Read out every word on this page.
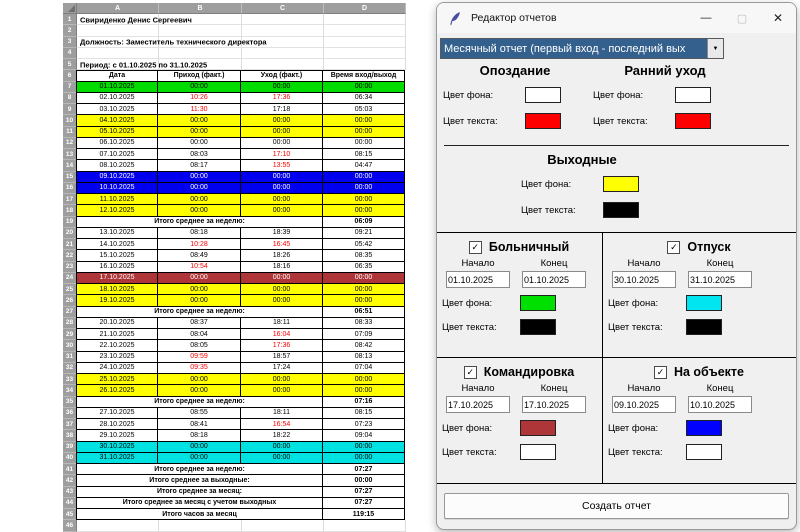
A	B	C	D
1	Свириденко Денис Сергеевич
2
3	Должность: Заместитель технического директора
4
5	Период: с 01.10.2025 по 31.10.2025
6	Дата	Приход (факт.)	Уход (факт.)	Время вход/выход
7	01.10.2025	00:00	00:00	00:00
8	02.10.2025	10:26	17:36	06:34
9	03.10.2025	11:30	17:18	05:03
10	04.10.2025	00:00	00:00	00:00
11	05.10.2025	00:00	00:00	00:00
12	06.10.2025	00:00	00:00	00:00
13	07.10.2025	08:03	17:10	08:15
14	08.10.2025	08:17	13:55	04:47
15	09.10.2025	00:00	00:00	00:00
16	10.10.2025	00:00	00:00	00:00
17	11.10.2025	00:00	00:00	00:00
18	12.10.2025	00:00	00:00	00:00
19	Итого среднее за неделю:	06:09
20	13.10.2025	08:18	18:39	09:21
21	14.10.2025	10:28	16:45	05:42
22	15.10.2025	08:49	18:26	08:35
23	16.10.2025	10:54	18:16	06:35
24	17.10.2025	00:00	00:00	00:00
25	18.10.2025	00:00	00:00	00:00
26	19.10.2025	00:00	00:00	00:00
27	Итого среднее за неделю:	06:51
28	20.10.2025	08:37	18:11	08:33
29	21.10.2025	08:04	16:04	07:09
30	22.10.2025	08:05	17:36	08:42
31	23.10.2025	09:59	18:57	08:13
32	24.10.2025	09:35	17:24	07:04
33	25.10.2025	00:00	00:00	00:00
34	26.10.2025	00:00	00:00	00:00
35	Итого среднее за неделю:	07:16
36	27.10.2025	08:55	18:11	08:15
37	28.10.2025	08:41	16:54	07:23
38	29.10.2025	08:18	18:22	09:04
39	30.10.2025	00:00	00:00	00:00
40	31.10.2025	00:00	00:00	00:00
41	Итого среднее за неделю:	07:27
42	Итого среднее за выходные:	00:00
43	Итого среднее за месяц:	07:27
44	Итого среднее за месяц с учетом выходных	07:27
45	Итого часов за месяц	119:15
46
Редактор отчетов	—	▢	✕
Месячный отчет (первый вход - последний вых	▼
Опоздание
Цвет фона:
Цвет текста:
Ранний уход
Цвет фона:
Цвет текста:
Выходные
Цвет фона:
Цвет текста:
✓ Больничный
Начало	Конец
01.10.2025
01.10.2025
Цвет фона:
Цвет текста:
✓ Отпуск
Начало	Конец
30.10.2025
31.10.2025
Цвет фона:
Цвет текста:
✓ Командировка
Начало	Конец
17.10.2025
17.10.2025
Цвет фона:
Цвет текста:
✓ На объекте
Начало	Конец
09.10.2025
10.10.2025
Цвет фона:
Цвет текста:
Создать отчет
